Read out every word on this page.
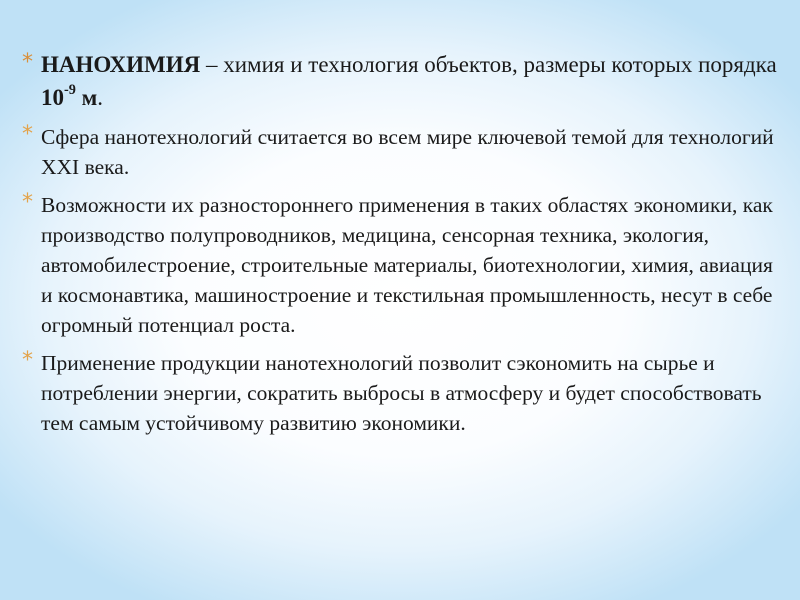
* НАНОХИМИЯ – химия и технология объектов, размеры которых порядка $10^{-9}$ м.
* Сфера нанотехнологий считается во всем мире ключевой темой для технологий XXI века.
* Возможности их разностороннего применения в таких областях экономики, как производство полупроводников, медицина, сенсорная техника, экология, автомобилестроение, строительные материалы, биотехнологии, химия, авиация и космонавтика, машиностроение и текстильная промышленность, несут в себе огромный потенциал роста.
* Применение продукции нанотехнологий позволит сэкономить на сырье и потреблении энергии, сократить выбросы в атмосферу и будет способствовать тем самым устойчивому развитию экономики.
